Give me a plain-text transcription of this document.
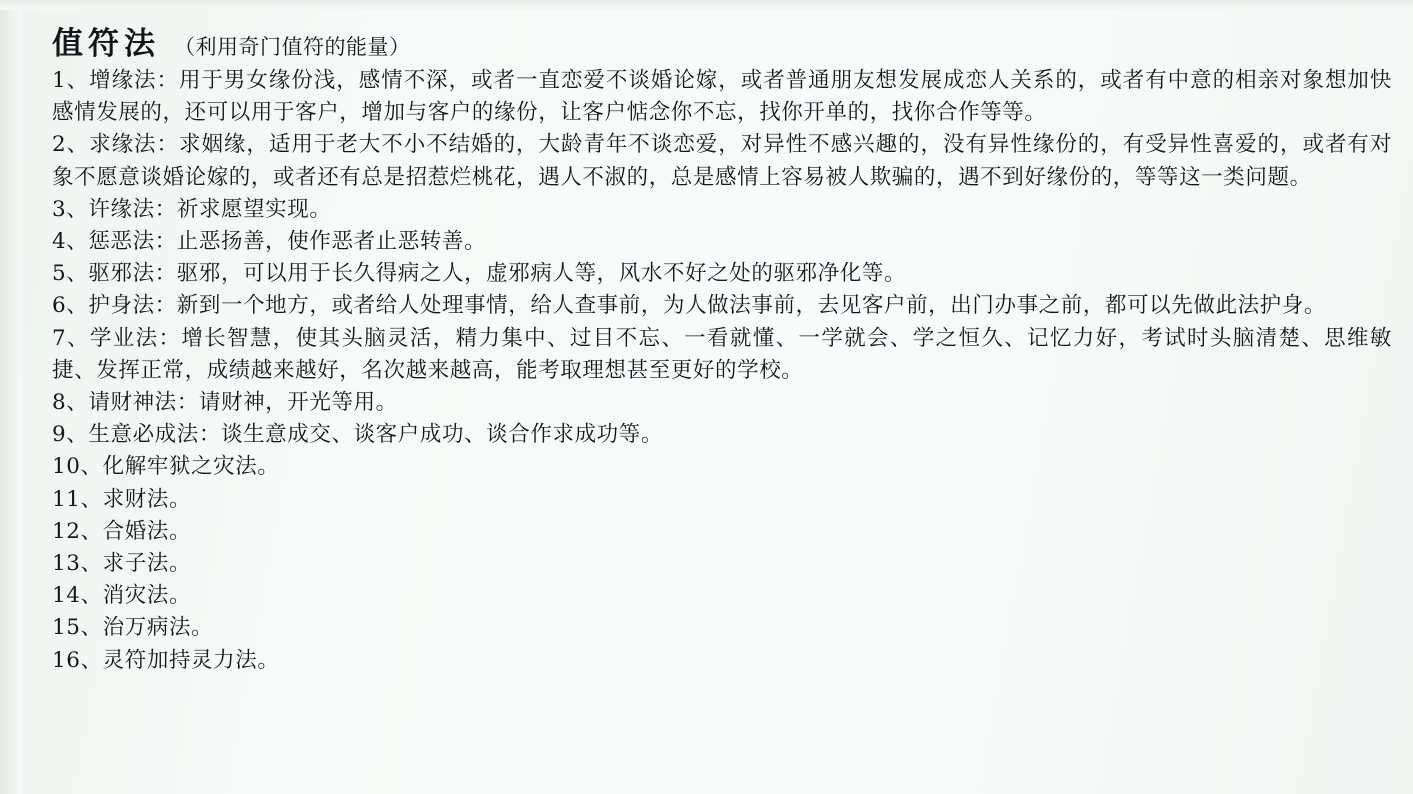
值符法 （利用奇门值符的能量）

1、增缘法：用于男女缘份浅，感情不深，或者一直恋爱不谈婚论嫁，或者普通朋友想发展成恋人关系的，或者有中意的相亲对象想加快感情发展的，还可以用于客户，增加与客户的缘份，让客户惦念你不忘，找你开单的，找你合作等等。

2、求缘法：求姻缘，适用于老大不小不结婚的，大龄青年不谈恋爱，对异性不感兴趣的，没有异性缘份的，有受异性喜爱的，或者有对象不愿意谈婚论嫁的，或者还有总是招惹烂桃花，遇人不淑的，总是感情上容易被人欺骗的，遇不到好缘份的，等等这一类问题。

3、许缘法：祈求愿望实现。

4、惩恶法：止恶扬善，使作恶者止恶转善。

5、驱邪法：驱邪，可以用于长久得病之人，虚邪病人等，风水不好之处的驱邪净化等。

6、护身法：新到一个地方，或者给人处理事情，给人查事前，为人做法事前，去见客户前，出门办事之前，都可以先做此法护身。

7、学业法：增长智慧，使其头脑灵活，精力集中、过目不忘、一看就懂、一学就会、学之恒久、记忆力好，考试时头脑清楚、思维敏捷、发挥正常，成绩越来越好，名次越来越高，能考取理想甚至更好的学校。

8、请财神法：请财神，开光等用。

9、生意必成法：谈生意成交、谈客户成功、谈合作求成功等。

10、化解牢狱之灾法。

11、求财法。

12、合婚法。

13、求子法。

14、消灾法。

15、治万病法。

16、灵符加持灵力法。
